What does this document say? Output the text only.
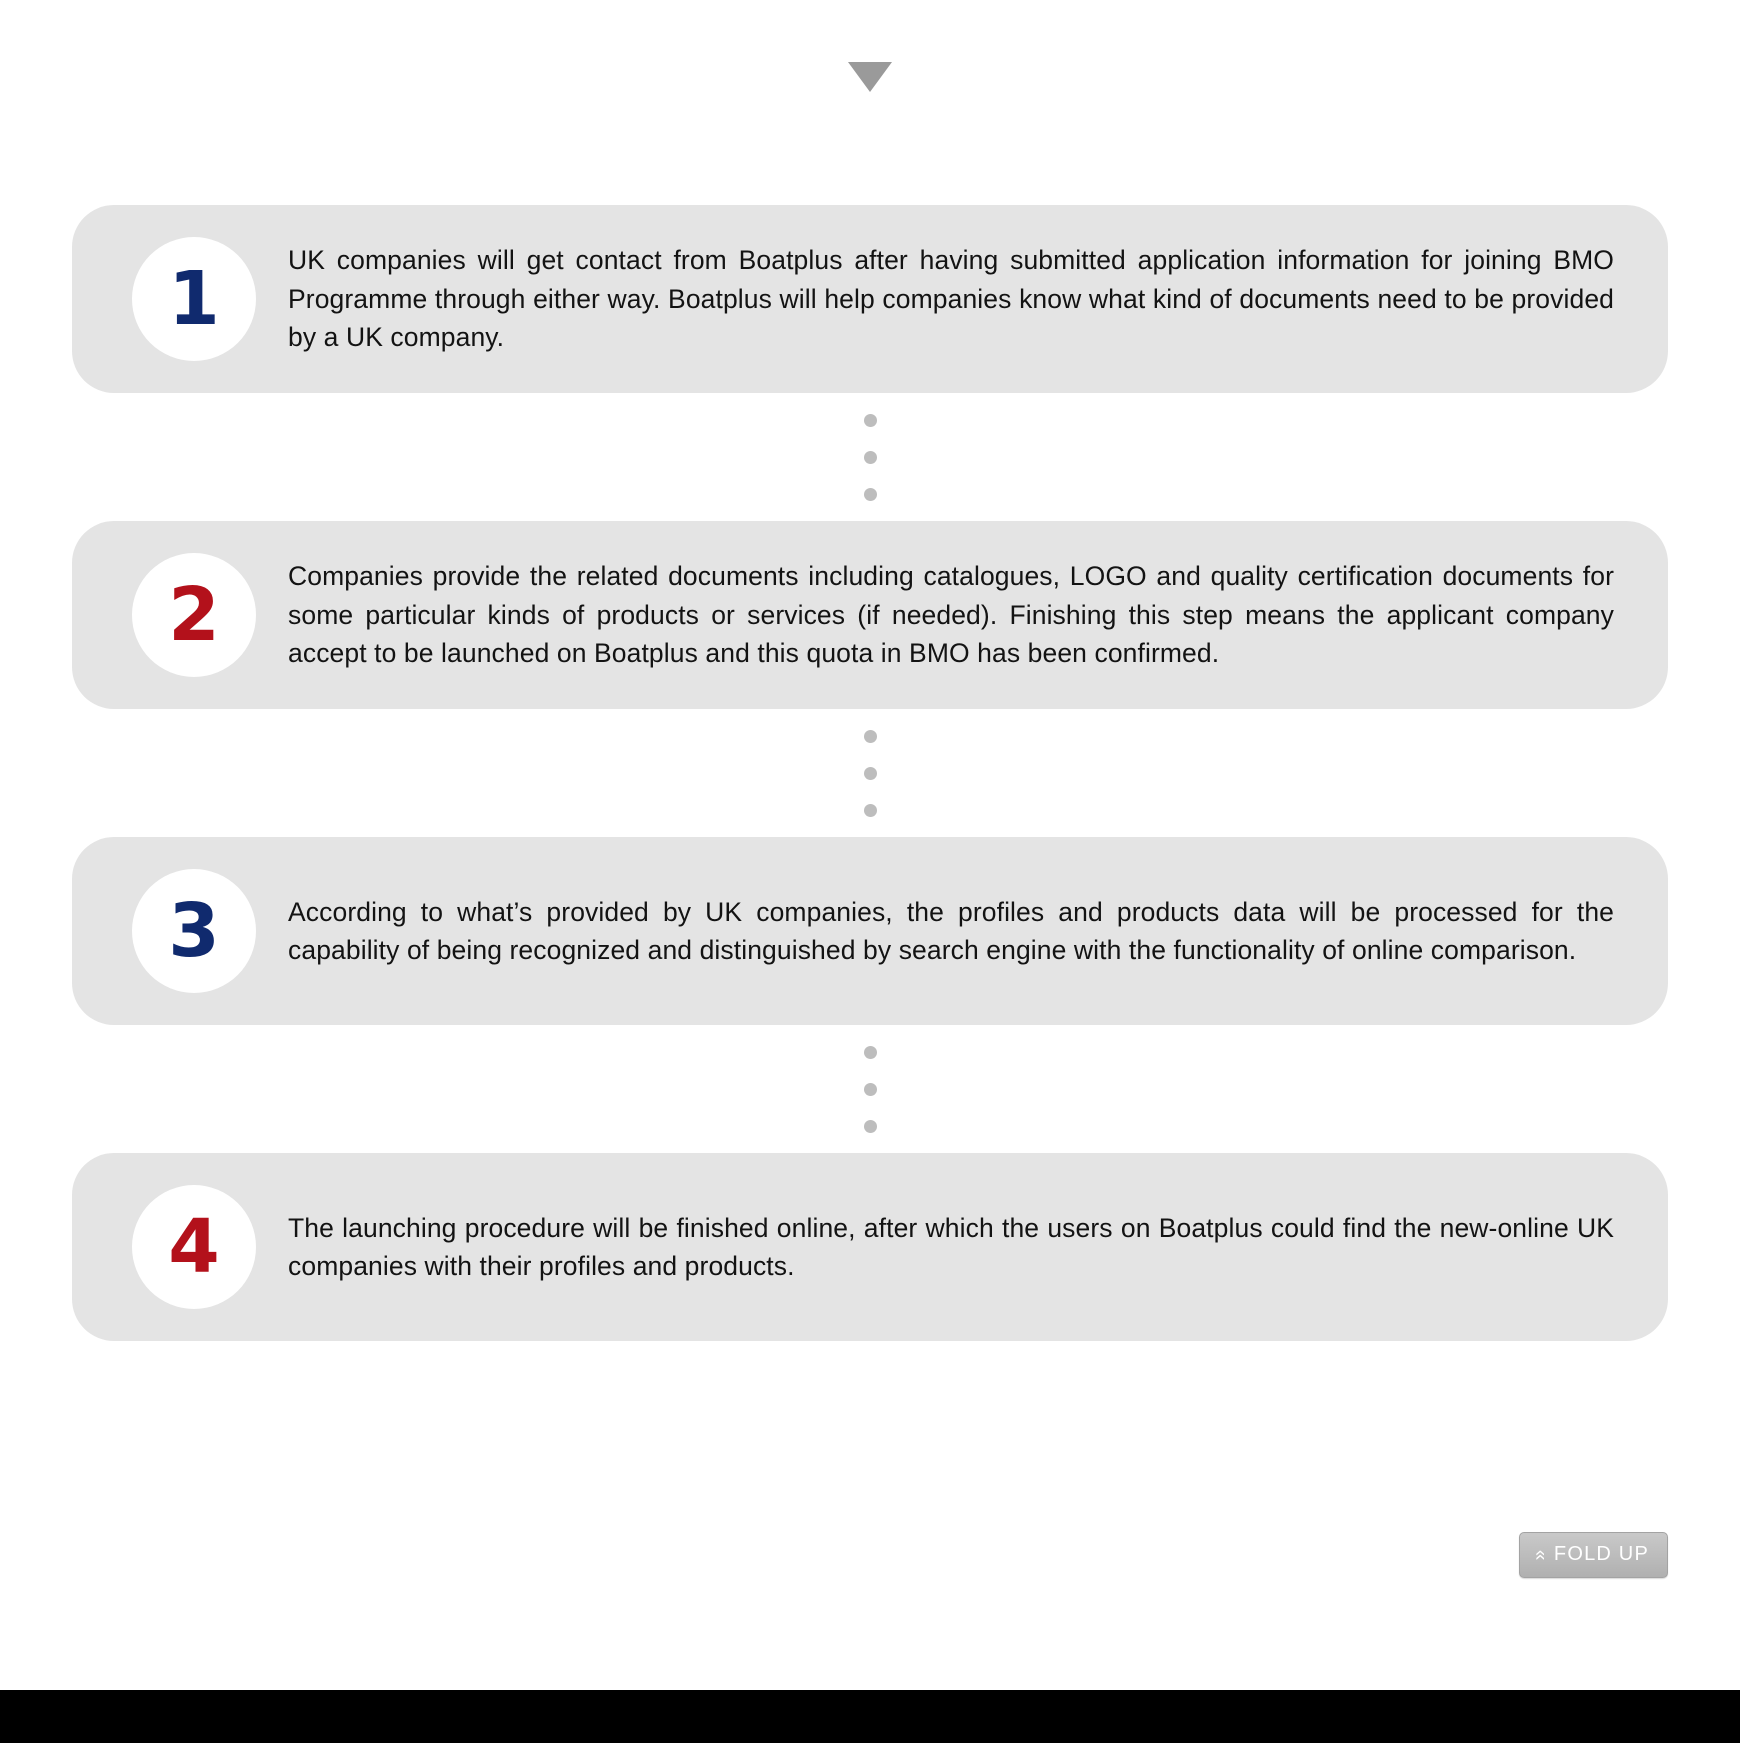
1	UK companies will get contact from Boatplus after having submitted application information for joining BMO Programme through either way. Boatplus will help companies know what kind of documents need to be provided by a UK company.
2	Companies provide the related documents including catalogues, LOGO and quality certification documents for some particular kinds of products or services (if needed). Finishing this step means the applicant company accept to be launched on Boatplus and this quota in BMO has been confirmed.
3	According to what’s provided by UK companies, the profiles and products data will be processed for the capability of being recognized and distinguished by search engine with the functionality of online comparison.
4	The launching procedure will be finished online, after which the users on Boatplus could find the new-online UK companies with their profiles and products.
» FOLD UP
